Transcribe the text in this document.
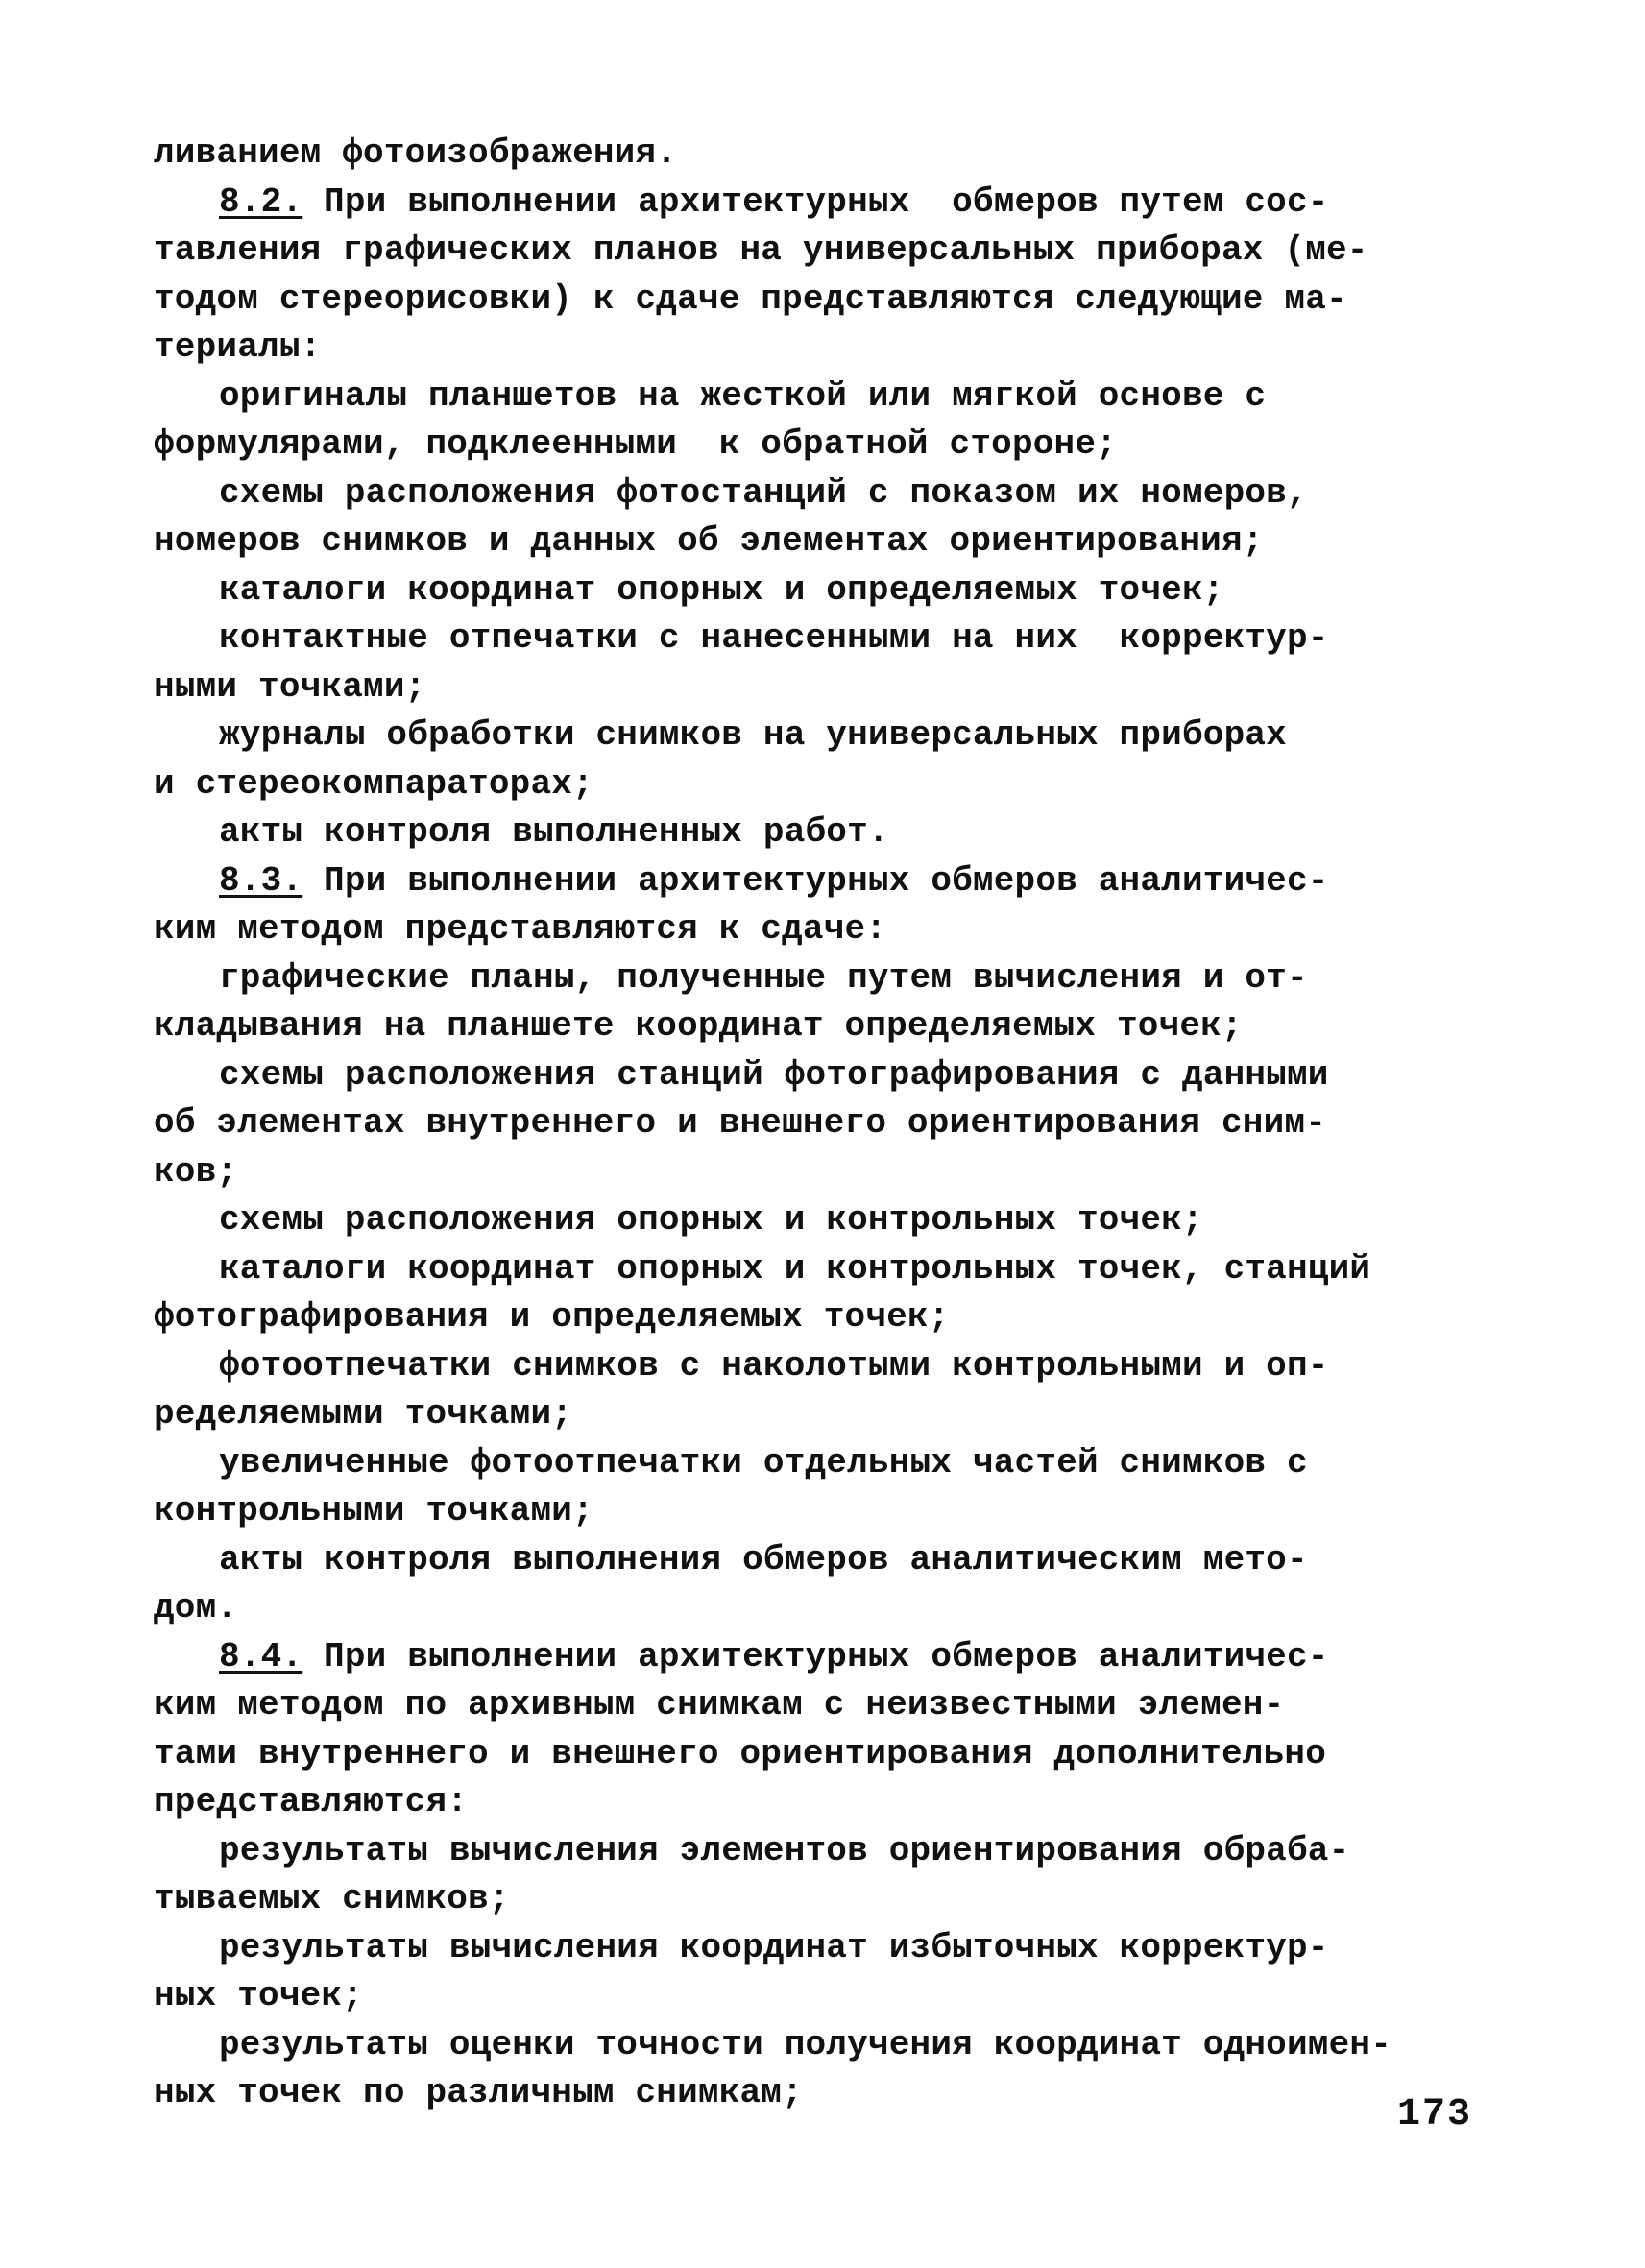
ливанием фотоизображения.
8.2. При выполнении архитектурных  обмеров путем сос-
тавления графических планов на универсальных приборах (ме-
тодом стереорисовки) к сдаче представляются следующие ма-
териалы:
оригиналы планшетов на жесткой или мягкой основе с
формулярами, подклеенными  к обратной стороне;
схемы расположения фотостанций с показом их номеров,
номеров снимков и данных об элементах ориентирования;
каталоги координат опорных и определяемых точек;
контактные отпечатки с нанесенными на них  корректур-
ными точками;
журналы обработки снимков на универсальных приборах
и стереокомпараторах;
акты контроля выполненных работ.
8.3. При выполнении архитектурных обмеров аналитичес-
ким методом представляются к сдаче:
графические планы, полученные путем вычисления и от-
кладывания на планшете координат определяемых точек;
схемы расположения станций фотографирования с данными
об элементах внутреннего и внешнего ориентирования сним-
ков;
схемы расположения опорных и контрольных точек;
каталоги координат опорных и контрольных точек, станций
фотографирования и определяемых точек;
фотоотпечатки снимков с наколотыми контрольными и оп-
ределяемыми точками;
увеличенные фотоотпечатки отдельных частей снимков с
контрольными точками;
акты контроля выполнения обмеров аналитическим мето-
дом.
8.4. При выполнении архитектурных обмеров аналитичес-
ким методом по архивным снимкам с неизвестными элемен-
тами внутреннего и внешнего ориентирования дополнительно
представляются:
результаты вычисления элементов ориентирования обраба-
тываемых снимков;
результаты вычисления координат избыточных корректур-
ных точек;
результаты оценки точности получения координат одноимен-
ных точек по различным снимкам;
173
